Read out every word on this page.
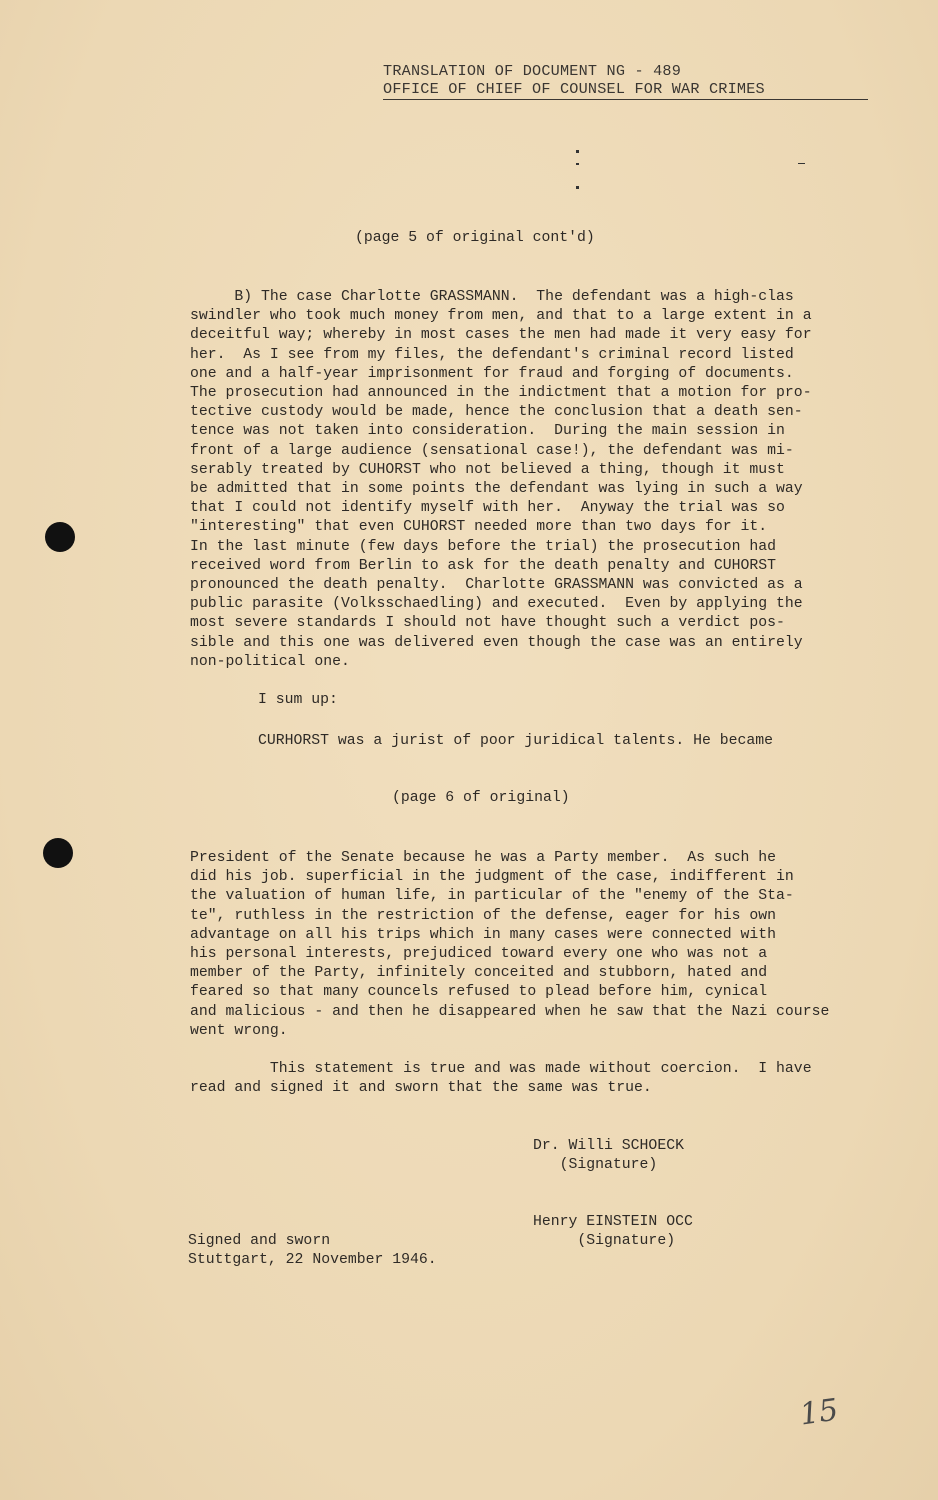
TRANSLATION OF DOCUMENT NG - 489
OFFICE OF CHIEF OF COUNSEL FOR WAR CRIMES
(page 5 of original cont'd)
B) The case Charlotte GRASSMANN.  The defendant was a high-clas
swindler who took much money from men, and that to a large extent in a
deceitful way; whereby in most cases the men had made it very easy for
her.  As I see from my files, the defendant's criminal record listed
one and a half-year imprisonment for fraud and forging of documents.
The prosecution had announced in the indictment that a motion for pro-
tective custody would be made, hence the conclusion that a death sen-
tence was not taken into consideration.  During the main session in
front of a large audience (sensational case!), the defendant was mi-
serably treated by CUHORST who not believed a thing, though it must
be admitted that in some points the defendant was lying in such a way
that I could not identify myself with her.  Anyway the trial was so
"interesting" that even CUHORST needed more than two days for it.
In the last minute (few days before the trial) the prosecution had
received word from Berlin to ask for the death penalty and CUHORST
pronounced the death penalty.  Charlotte GRASSMANN was convicted as a
public parasite (Volksschaedling) and executed.  Even by applying the
most severe standards I should not have thought such a verdict pos-
sible and this one was delivered even though the case was an entirely
non-political one.
I sum up:
CURHORST was a jurist of poor juridical talents. He became
(page 6 of original)
President of the Senate because he was a Party member.  As such he
did his job. superficial in the judgment of the case, indifferent in
the valuation of human life, in particular of the "enemy of the Sta-
te", ruthless in the restriction of the defense, eager for his own
advantage on all his trips which in many cases were connected with
his personal interests, prejudiced toward every one who was not a
member of the Party, infinitely conceited and stubborn, hated and
feared so that many councels refused to plead before him, cynical
and malicious - and then he disappeared when he saw that the Nazi course
went wrong.
This statement is true and was made without coercion.  I have
read and signed it and sworn that the same was true.
Dr. Willi SCHOECK
(Signature)
Henry EINSTEIN OCC
(Signature)
Signed and sworn
Stuttgart, 22 November 1946.
15
